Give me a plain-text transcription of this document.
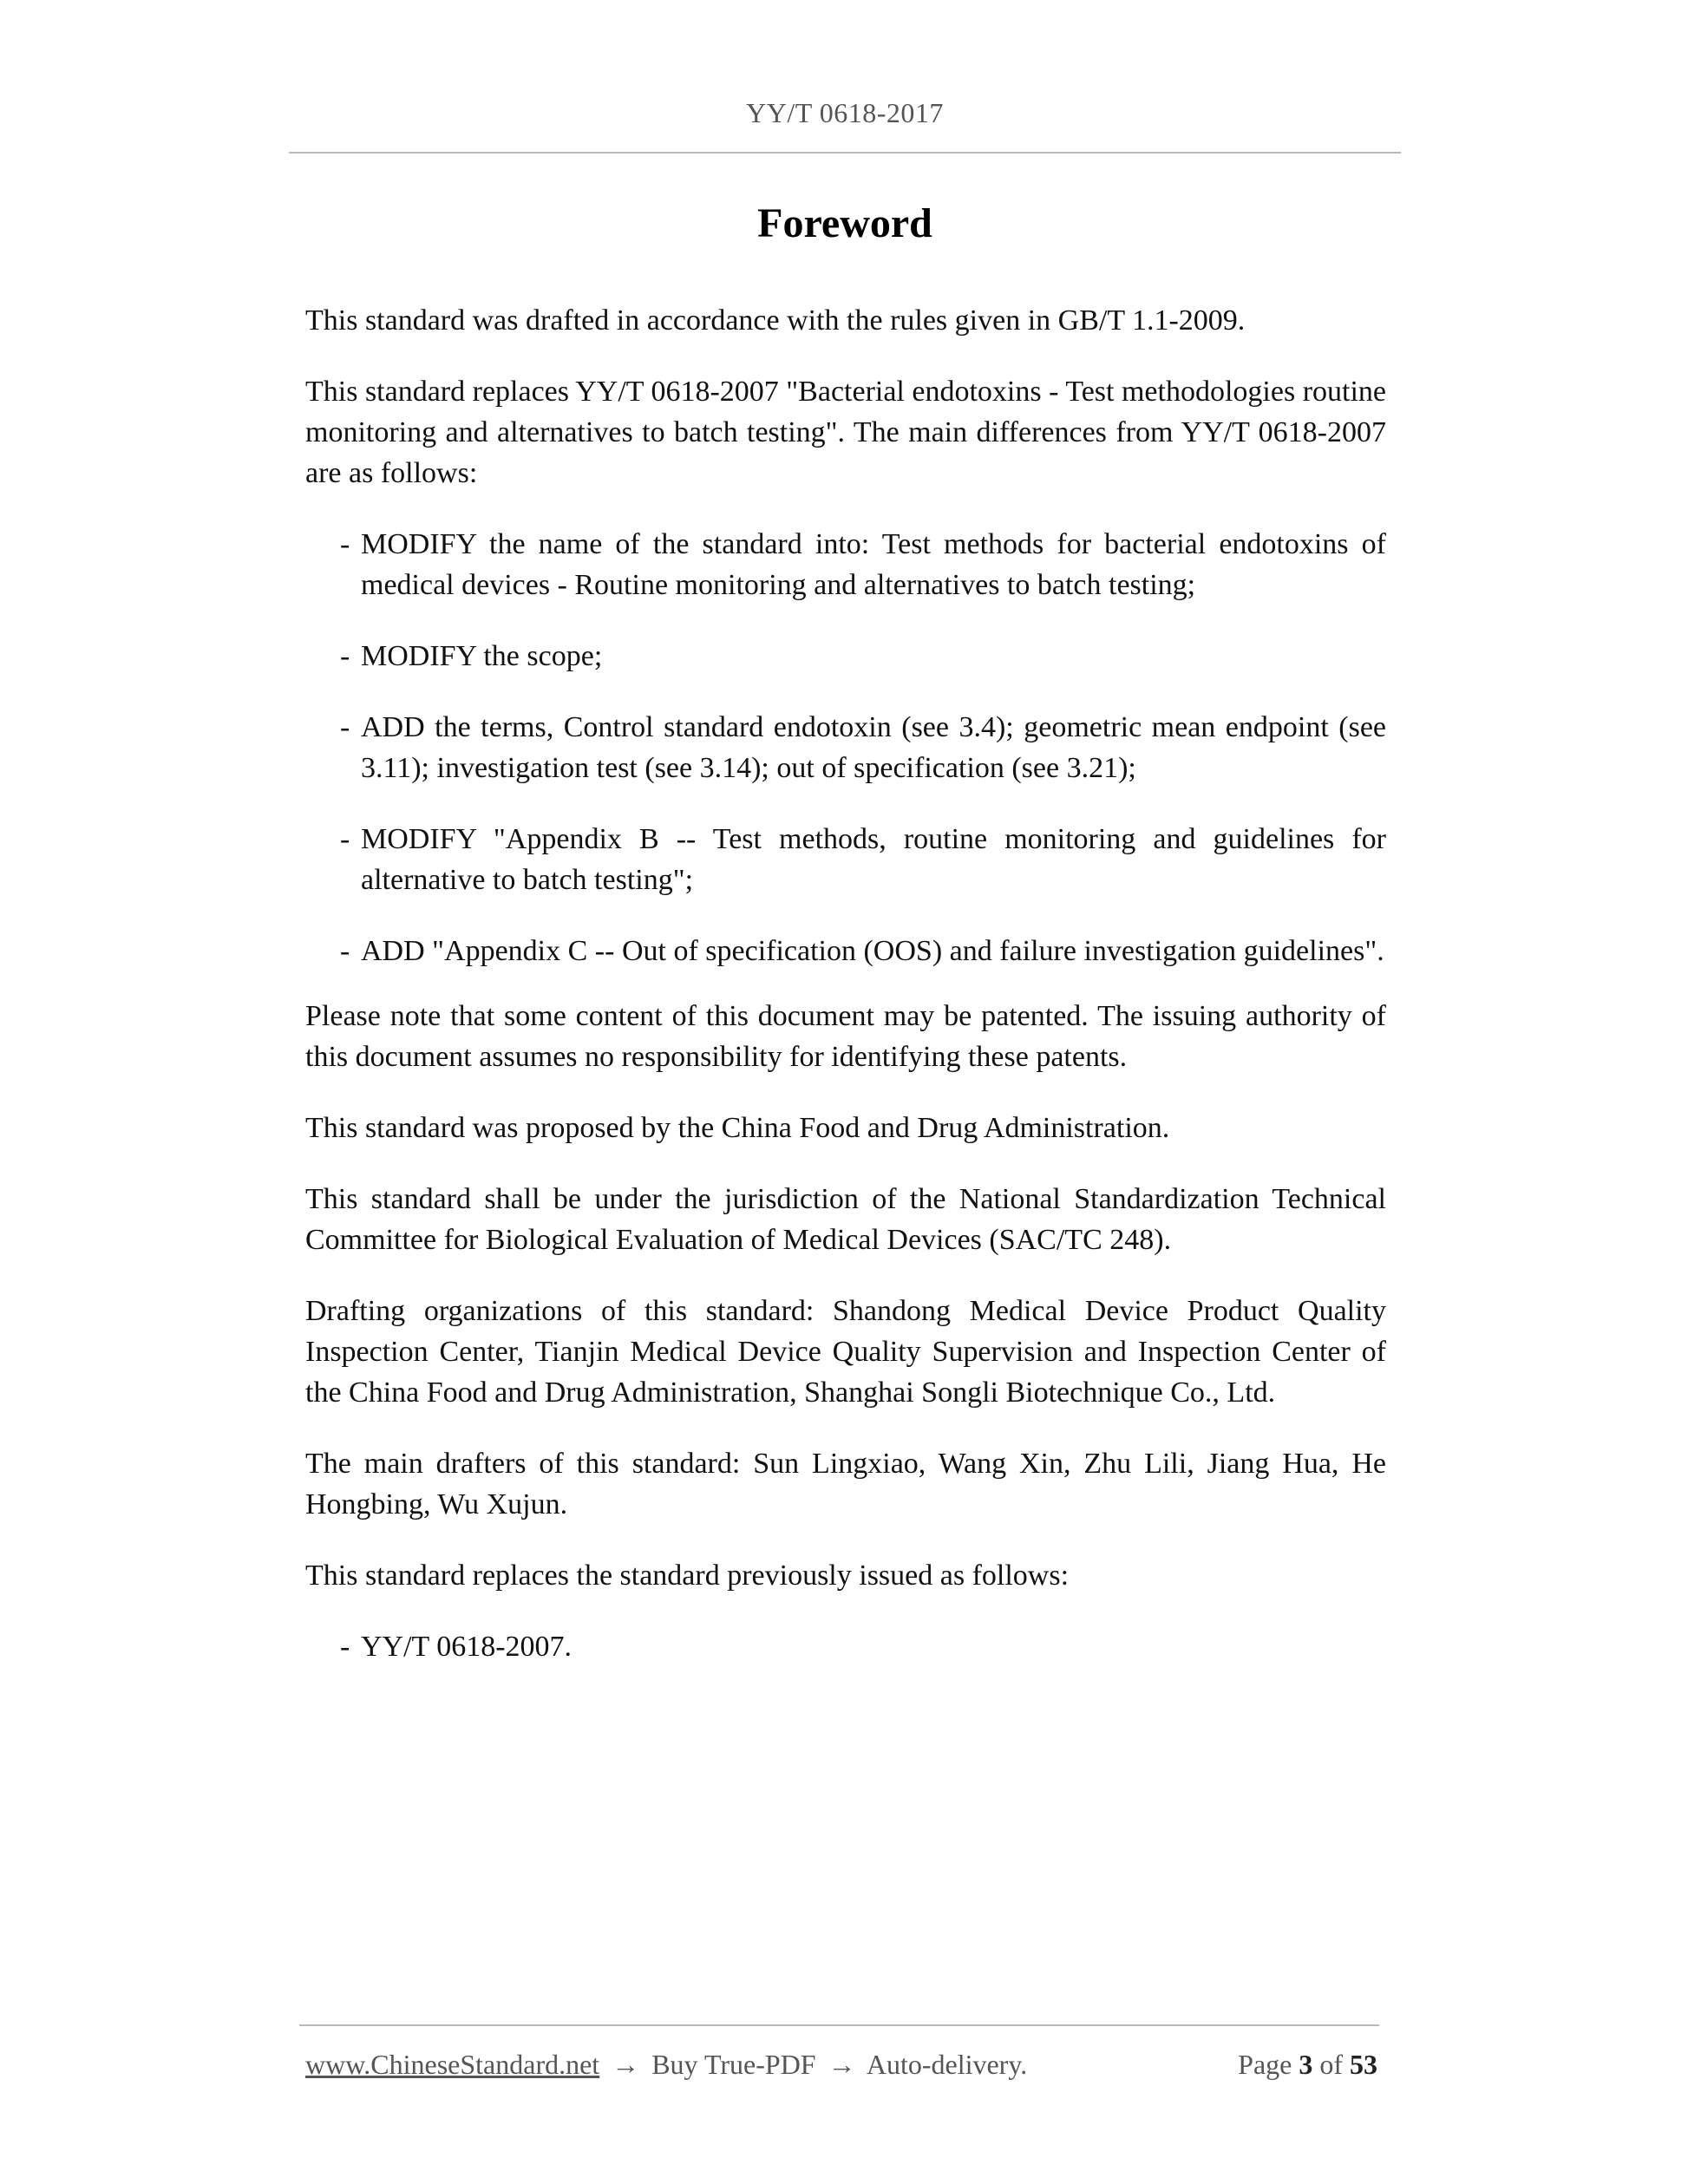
YY/T 0618-2017
Foreword

This standard was drafted in accordance with the rules given in GB/T 1.1-2009.

This standard replaces YY/T 0618-2007 "Bacterial endotoxins - Test methodologies routine monitoring and alternatives to batch testing". The main differences from YY/T 0618-2007 are as follows:

- MODIFY the name of the standard into: Test methods for bacterial endotoxins of medical devices - Routine monitoring and alternatives to batch testing;
- MODIFY the scope;
- ADD the terms, Control standard endotoxin (see 3.4); geometric mean endpoint (see 3.11); investigation test (see 3.14); out of specification (see 3.21);
- MODIFY "Appendix B -- Test methods, routine monitoring and guidelines for alternative to batch testing";
- ADD "Appendix C -- Out of specification (OOS) and failure investigation guidelines".

Please note that some content of this document may be patented. The issuing authority of this document assumes no responsibility for identifying these patents.

This standard was proposed by the China Food and Drug Administration.

This standard shall be under the jurisdiction of the National Standardization Technical Committee for Biological Evaluation of Medical Devices (SAC/TC 248).

Drafting organizations of this standard: Shandong Medical Device Product Quality Inspection Center, Tianjin Medical Device Quality Supervision and Inspection Center of the China Food and Drug Administration, Shanghai Songli Biotechnique Co., Ltd.

The main drafters of this standard: Sun Lingxiao, Wang Xin, Zhu Lili, Jiang Hua, He Hongbing, Wu Xujun.

This standard replaces the standard previously issued as follows:

- YY/T 0618-2007.
www.ChineseStandard.net → Buy True-PDF → Auto-delivery.	Page 3 of 53
